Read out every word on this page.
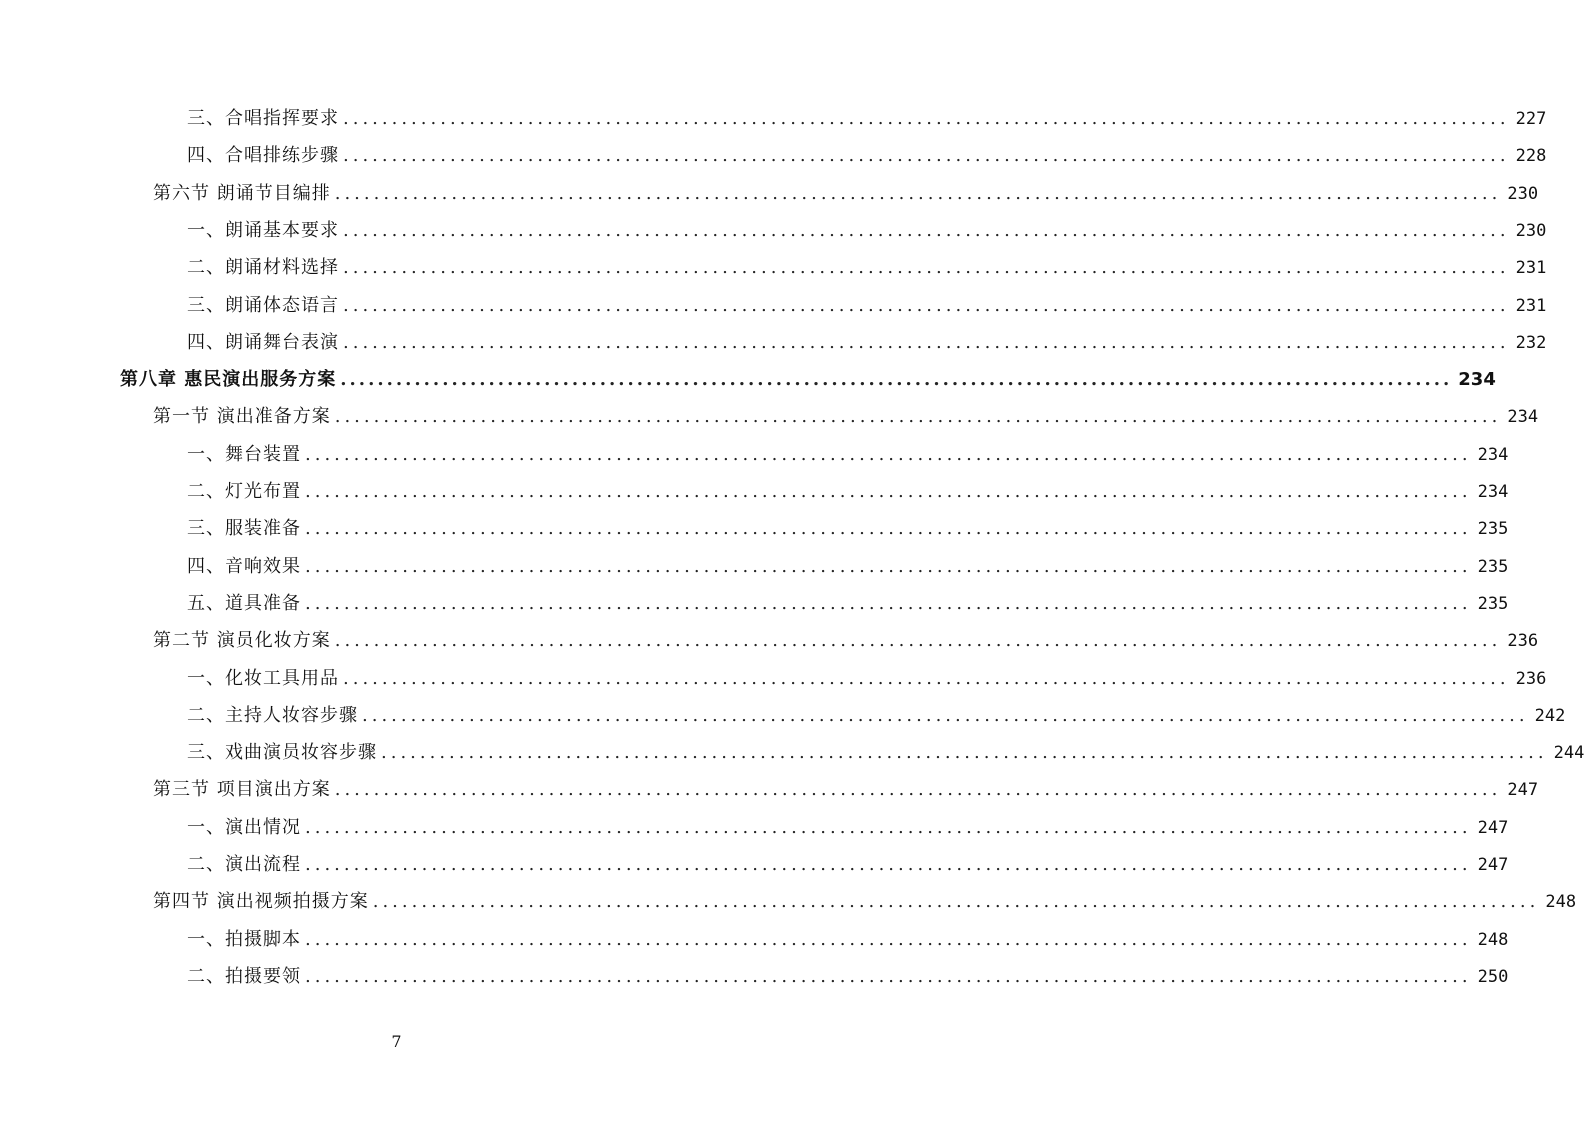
三、合唱指挥要求 ........................................................................................................................ 227
四、合唱排练步骤 ........................................................................................................................ 228
第六节 朗诵节目编排 ........................................................................................................................ 230
一、朗诵基本要求 ........................................................................................................................ 230
二、朗诵材料选择 ........................................................................................................................ 231
三、朗诵体态语言 ........................................................................................................................ 231
四、朗诵舞台表演 ........................................................................................................................ 232
第八章 惠民演出服务方案 ........................................................................................................................ 234
第一节 演出准备方案 ........................................................................................................................ 234
一、舞台装置 ........................................................................................................................ 234
二、灯光布置 ........................................................................................................................ 234
三、服装准备 ........................................................................................................................ 235
四、音响效果 ........................................................................................................................ 235
五、道具准备 ........................................................................................................................ 235
第二节 演员化妆方案 ........................................................................................................................ 236
一、化妆工具用品 ........................................................................................................................ 236
二、主持人妆容步骤 ........................................................................................................................ 242
三、戏曲演员妆容步骤 ........................................................................................................................ 244
第三节 项目演出方案 ........................................................................................................................ 247
一、演出情况 ........................................................................................................................ 247
二、演出流程 ........................................................................................................................ 247
第四节 演出视频拍摄方案 ........................................................................................................................ 248
一、拍摄脚本 ........................................................................................................................ 248
二、拍摄要领 ........................................................................................................................ 250
7
